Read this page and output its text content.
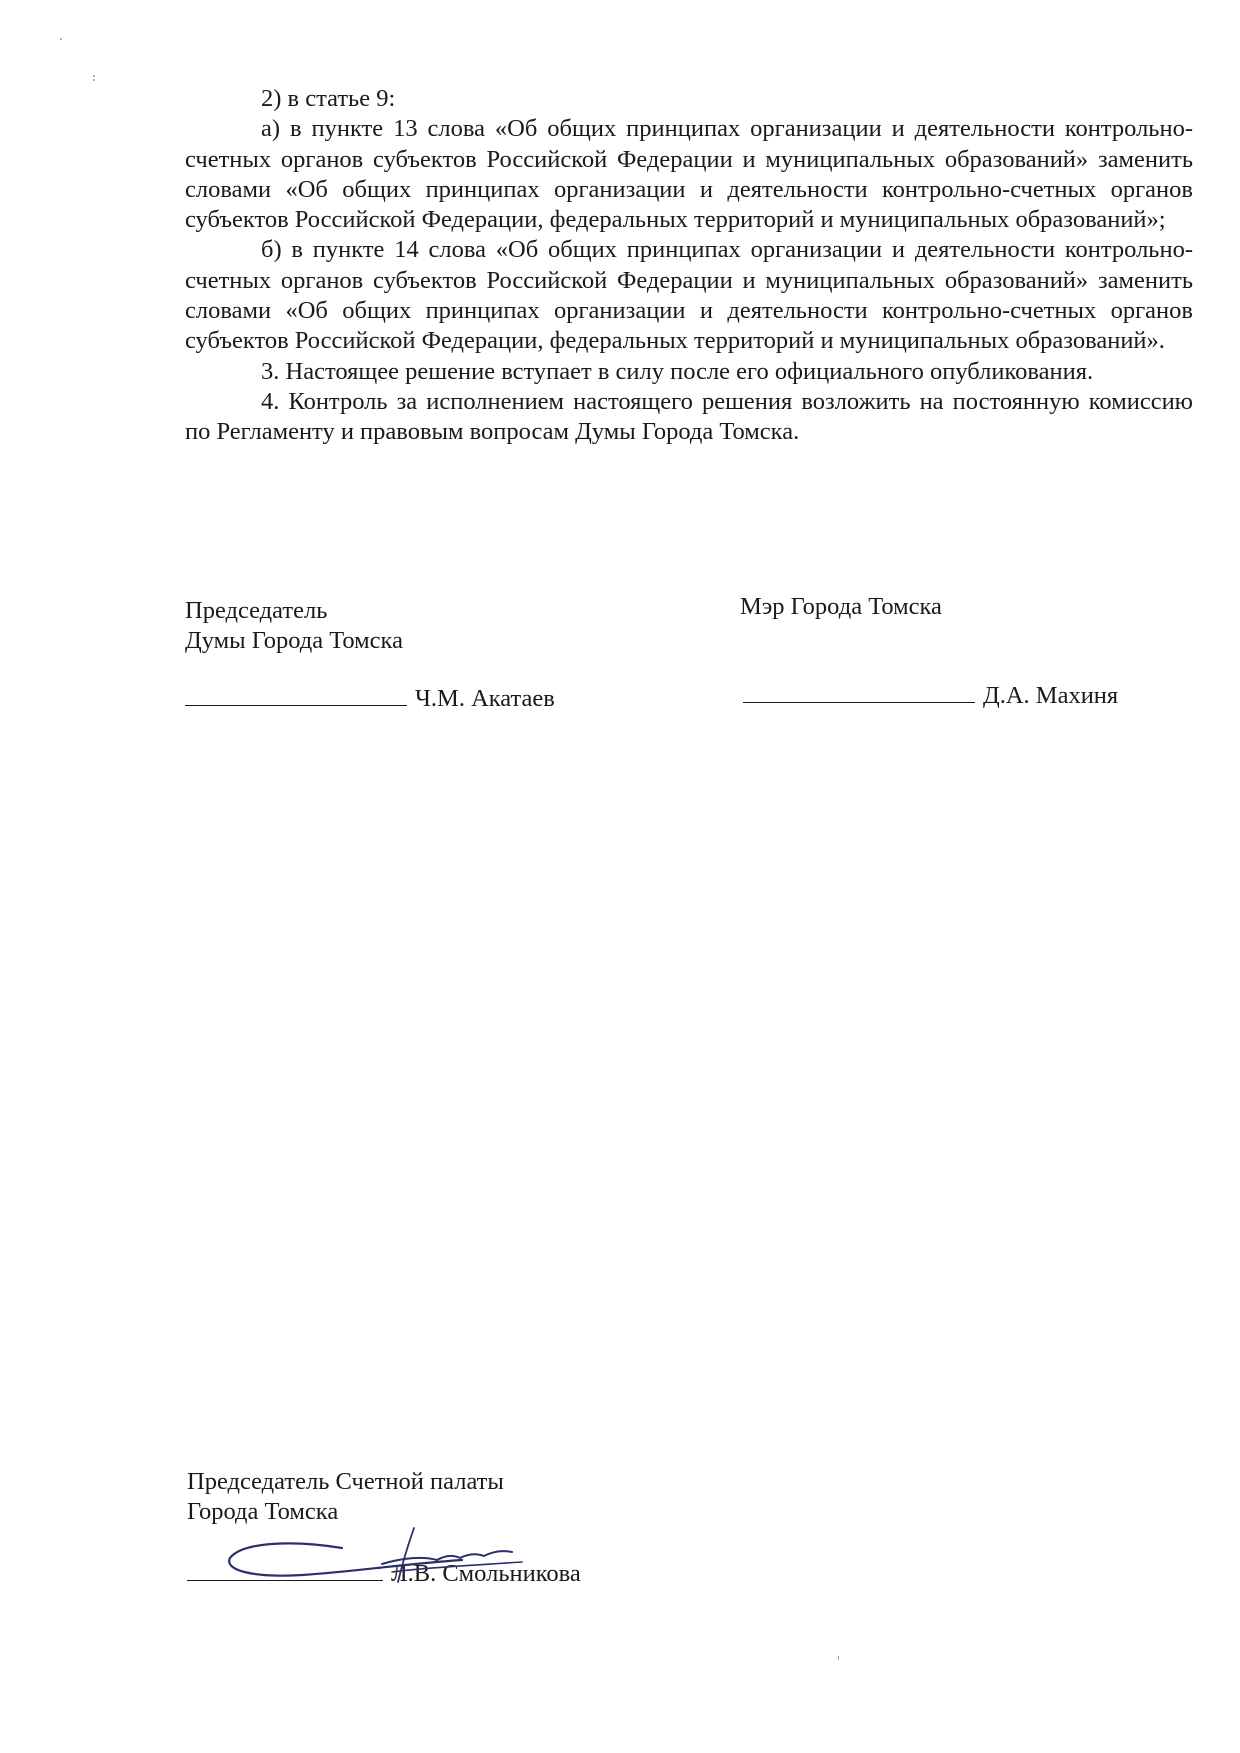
2) в статье 9:

а) в пункте 13 слова «Об общих принципах организации и деятельности контрольно-счетных органов субъектов Российской Федерации и муниципальных образований» заменить словами «Об общих принципах организации и деятельности контрольно-счетных органов субъектов Российской Федерации, федеральных территорий и муниципальных образований»;

б) в пункте 14 слова «Об общих принципах организации и деятельности контрольно-счетных органов субъектов Российской Федерации и муниципальных образований» заменить словами «Об общих принципах организации и деятельности контрольно-счетных органов субъектов Российской Федерации, федеральных территорий и муниципальных образований».

3. Настоящее решение вступает в силу после его официального опубликования.

4. Контроль за исполнением настоящего решения возложить на постоянную комиссию по Регламенту и правовым вопросам Думы Города Томска.

Председатель
Думы Города Томска
Ч.М. Акатаев
Мэр Города Томска
Д.А. Махиня
Председатель Счетной палаты
Города Томска
Л.В. Смольникова
